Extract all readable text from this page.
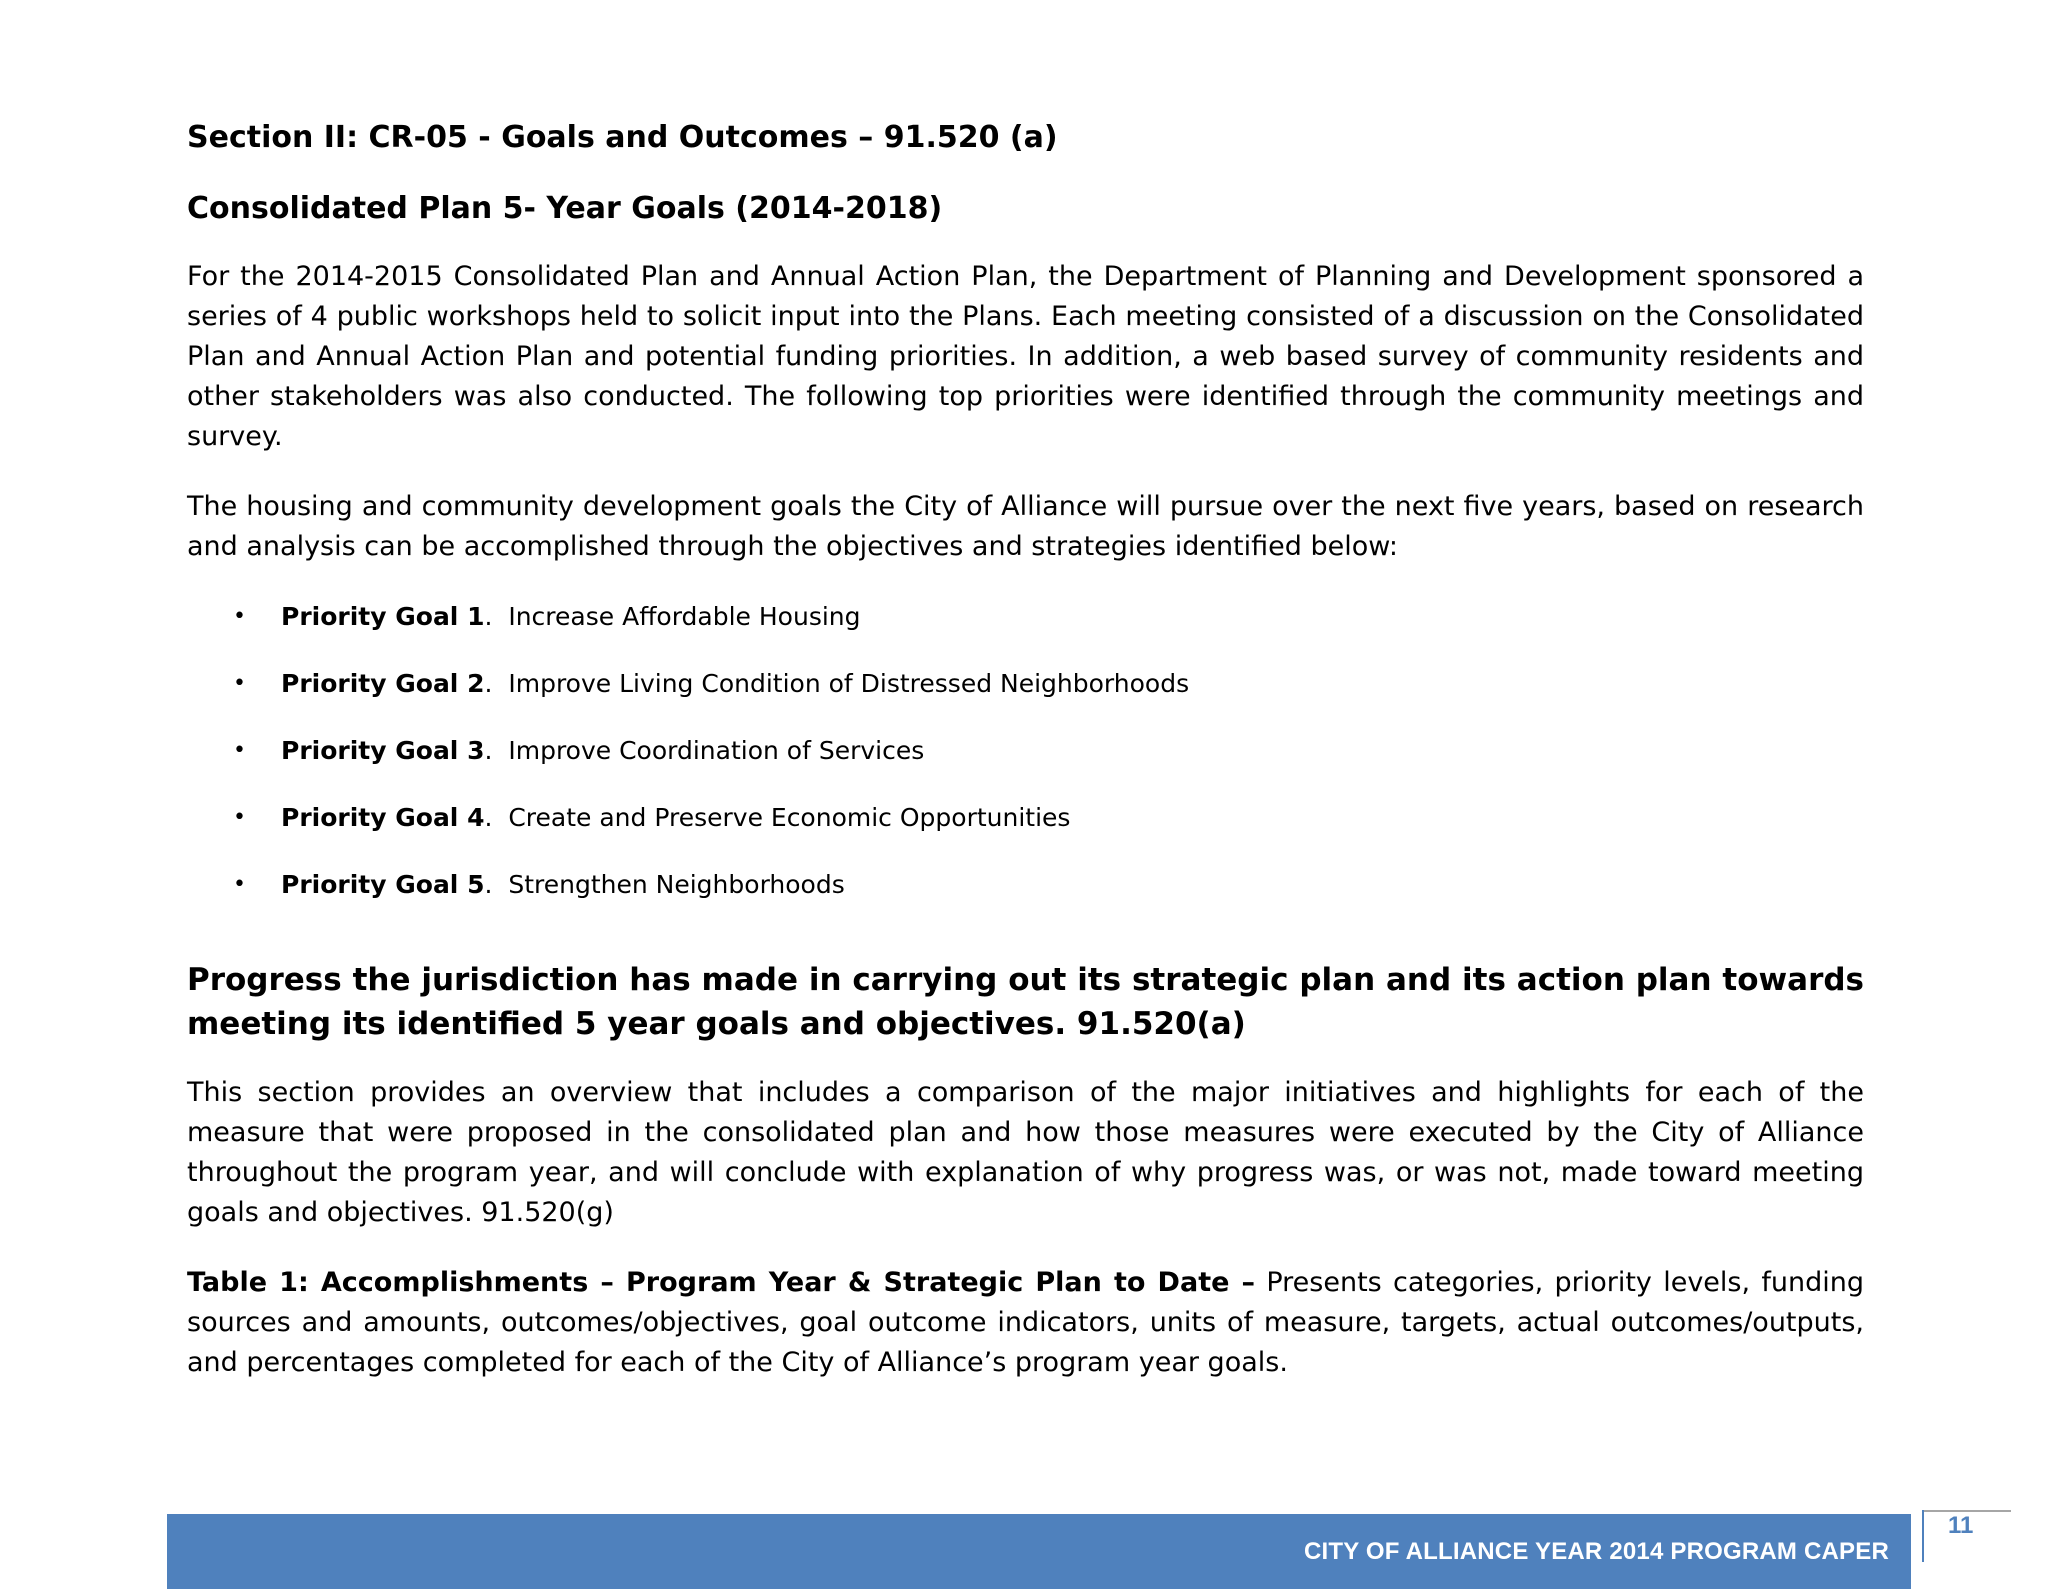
Section II: CR-05 - Goals and Outcomes – 91.520 (a)
Consolidated Plan 5- Year Goals (2014-2018)

For the 2014-2015 Consolidated Plan and Annual Action Plan, the Department of Planning and Development sponsored a series of 4 public workshops held to solicit input into the Plans. Each meeting consisted of a discussion on the Consolidated Plan and Annual Action Plan and potential funding priorities. In addition, a web based survey of community residents and other stakeholders was also conducted. The following top priorities were identified through the community meetings and survey.

The housing and community development goals the City of Alliance will pursue over the next five years, based on research and analysis can be accomplished through the objectives and strategies identified below:

• Priority Goal 1. Increase Affordable Housing
• Priority Goal 2. Improve Living Condition of Distressed Neighborhoods
• Priority Goal 3. Improve Coordination of Services
• Priority Goal 4. Create and Preserve Economic Opportunities
• Priority Goal 5. Strengthen Neighborhoods
Progress the jurisdiction has made in carrying out its strategic plan and its action plan towards meeting its identified 5 year goals and objectives. 91.520(a)

This section provides an overview that includes a comparison of the major initiatives and highlights for each of the measure that were proposed in the consolidated plan and how those measures were executed by the City of Alliance throughout the program year, and will conclude with explanation of why progress was, or was not, made toward meeting goals and objectives. 91.520(g)

Table 1: Accomplishments – Program Year & Strategic Plan to Date – Presents categories, priority levels, funding sources and amounts, outcomes/objectives, goal outcome indicators, units of measure, targets, actual outcomes/outputs, and percentages completed for each of the City of Alliance’s program year goals.

CITY OF ALLIANCE YEAR 2014 PROGRAM CAPER
11
